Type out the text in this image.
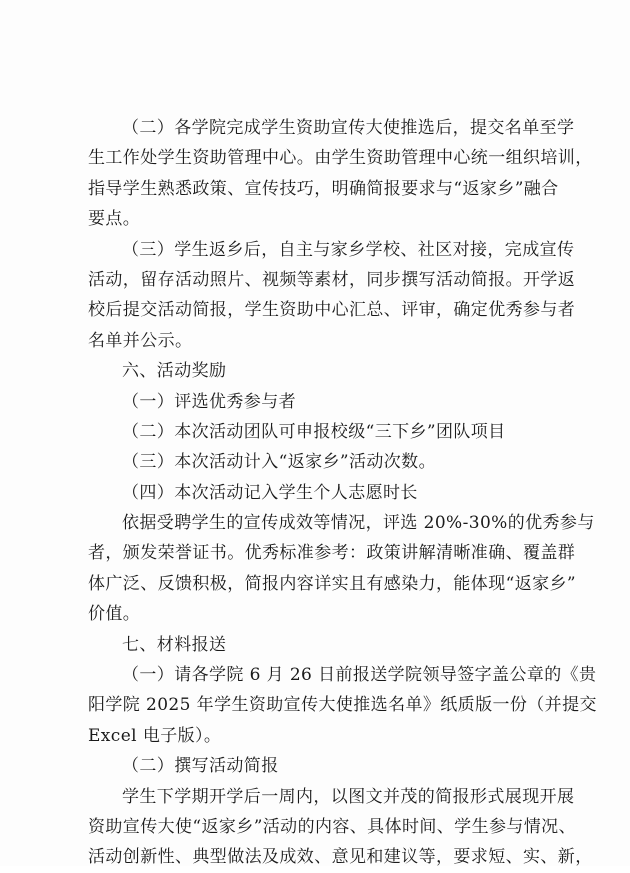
（二）各学院完成学生资助宣传大使推选后，提交名单至学
生工作处学生资助管理中心。由学生资助管理中心统一组织培训，
指导学生熟悉政策、宣传技巧，明确简报要求与“返家乡”融合
要点。
（三）学生返乡后，自主与家乡学校、社区对接，完成宣传
活动，留存活动照片、视频等素材，同步撰写活动简报。开学返
校后提交活动简报，学生资助中心汇总、评审，确定优秀参与者
名单并公示。
六、活动奖励
（一）评选优秀参与者
（二）本次活动团队可申报校级“三下乡”团队项目
（三）本次活动计入“返家乡”活动次数。
（四）本次活动记入学生个人志愿时长
依据受聘学生的宣传成效等情况，评选 20%-30%的优秀参与
者，颁发荣誉证书。优秀标准参考：政策讲解清晰准确、覆盖群
体广泛、反馈积极，简报内容详实且有感染力，能体现“返家乡”
价值。
七、材料报送
（一）请各学院 6 月 26 日前报送学院领导签字盖公章的《贵
阳学院 2025 年学生资助宣传大使推选名单》纸质版一份（并提交
Excel 电子版）。
（二）撰写活动简报
学生下学期开学后一周内，以图文并茂的简报形式展现开展
资助宣传大使“返家乡”活动的内容、具体时间、学生参与情况、
活动创新性、典型做法及成效、意见和建议等，要求短、实、新，
